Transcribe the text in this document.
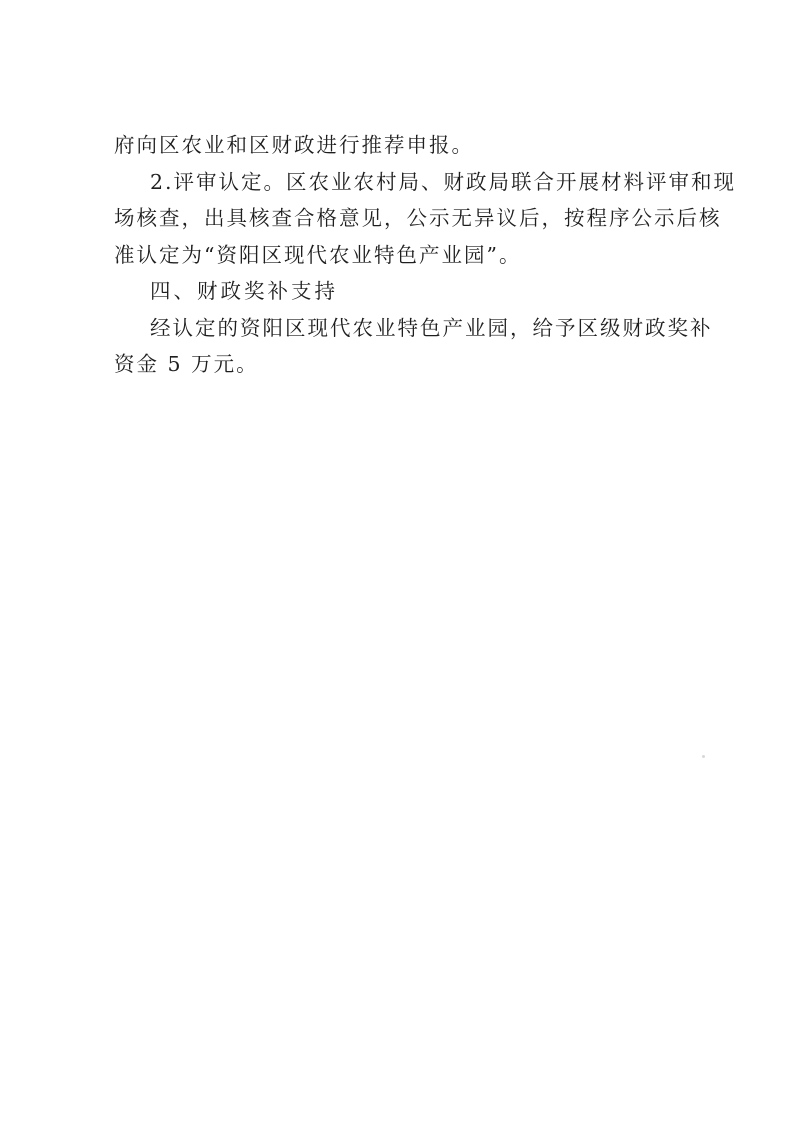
府向区农业和区财政进行推荐申报。

2.评审认定。区农业农村局、财政局联合开展材料评审和现

场核查，出具核查合格意见，公示无异议后，按程序公示后核

准认定为“资阳区现代农业特色产业园”。

四、财政奖补支持

经认定的资阳区现代农业特色产业园，给予区级财政奖补

资金 5 万元。
